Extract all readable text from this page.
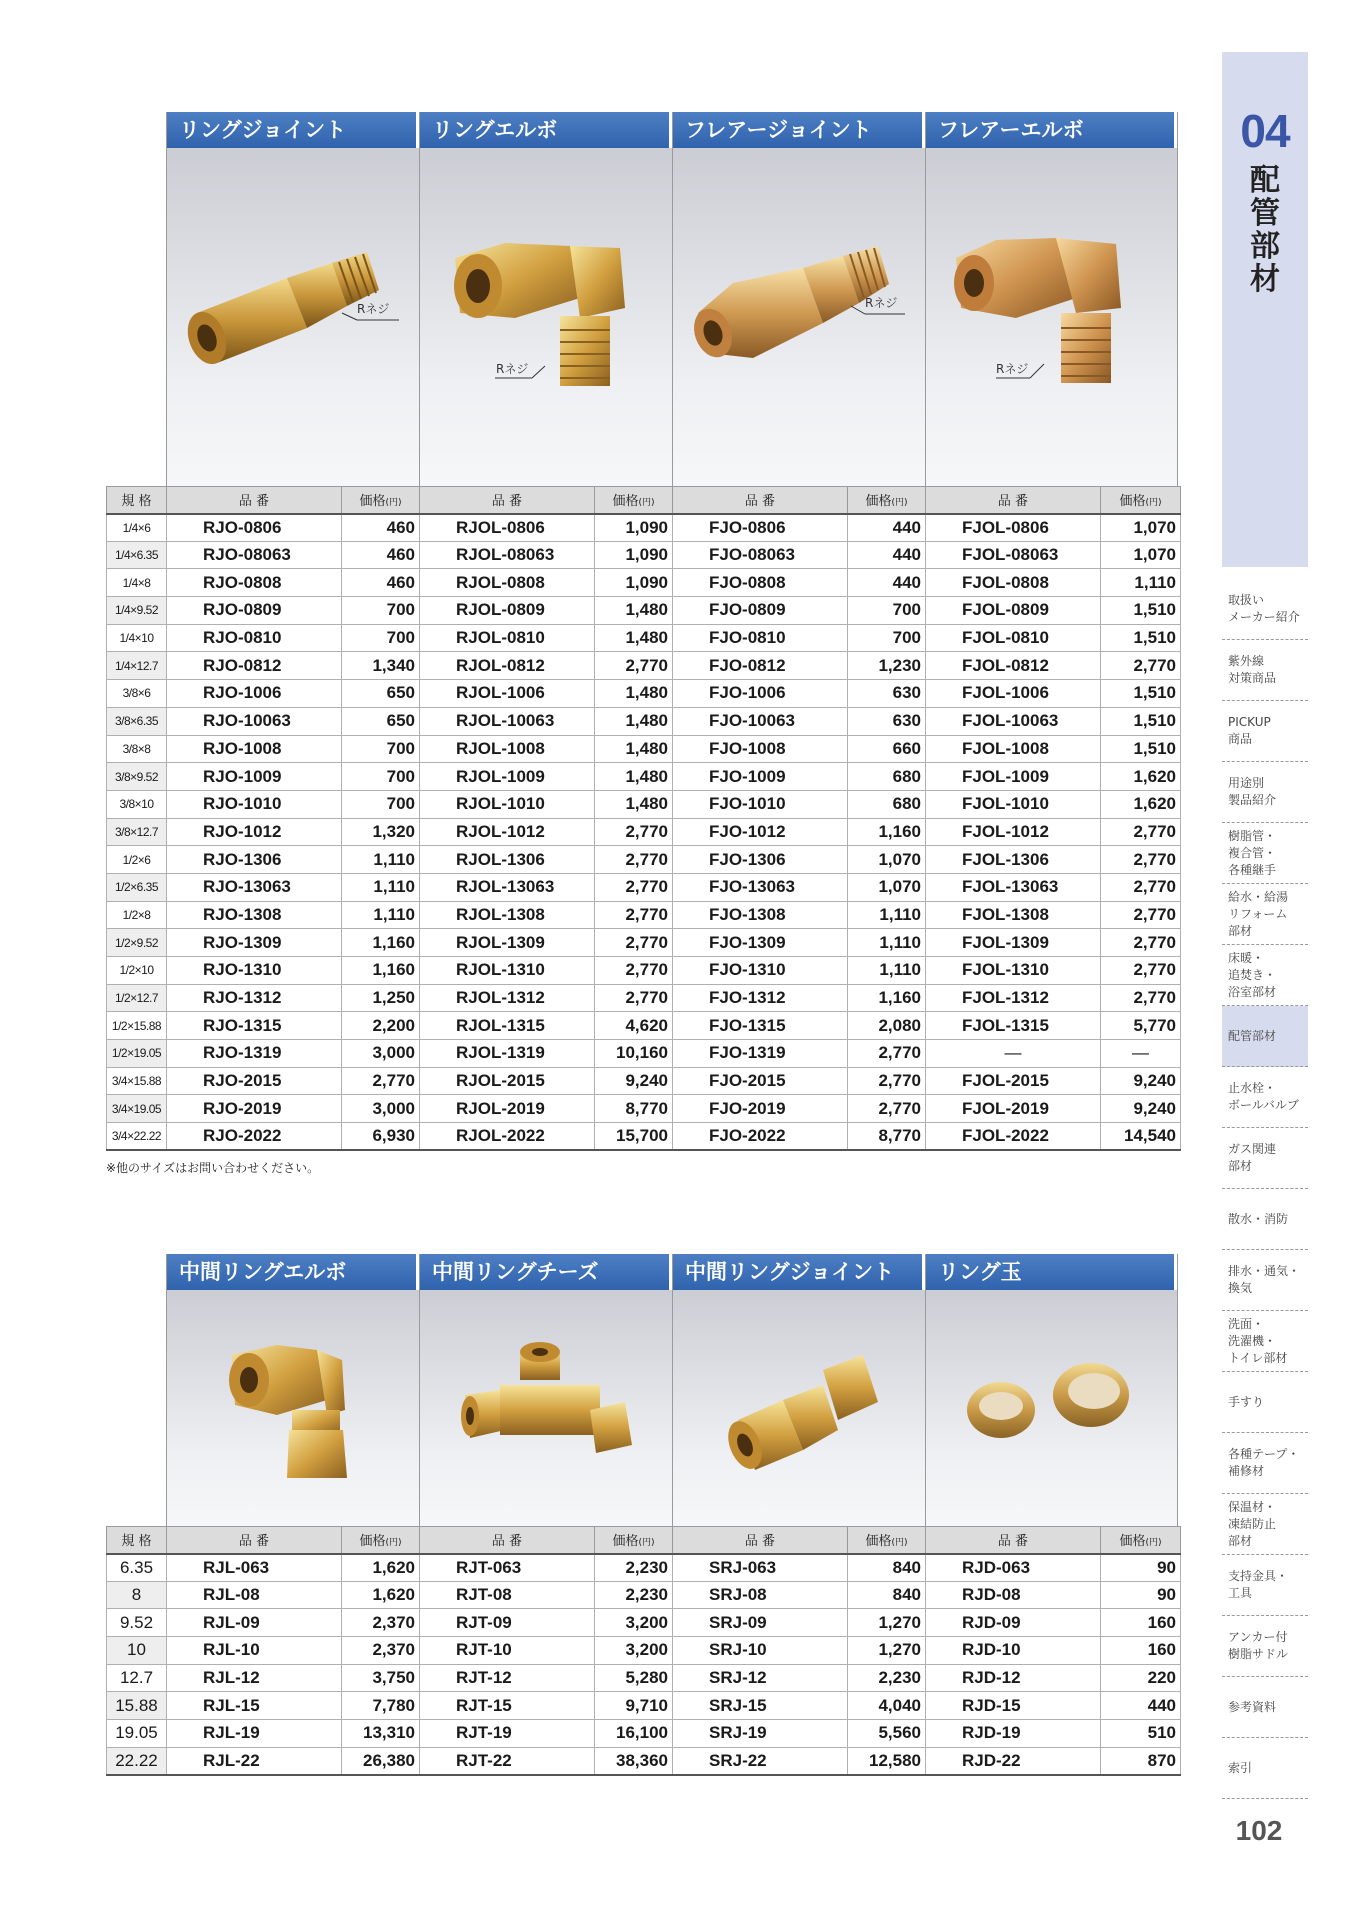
リングジョイント
Rネジ
リングエルボ
Rネジ
フレアージョイント
Rネジ
フレアーエルボ
Rネジ
規 格	品 番	価格(円)	品 番	価格(円)	品 番	価格(円)	品 番	価格(円)
1/4×6	RJO-0806	460	RJOL-0806	1,090	FJO-0806	440	FJOL-0806	1,070
1/4×6.35	RJO-08063	460	RJOL-08063	1,090	FJO-08063	440	FJOL-08063	1,070
1/4×8	RJO-0808	460	RJOL-0808	1,090	FJO-0808	440	FJOL-0808	1,110
1/4×9.52	RJO-0809	700	RJOL-0809	1,480	FJO-0809	700	FJOL-0809	1,510
1/4×10	RJO-0810	700	RJOL-0810	1,480	FJO-0810	700	FJOL-0810	1,510
1/4×12.7	RJO-0812	1,340	RJOL-0812	2,770	FJO-0812	1,230	FJOL-0812	2,770
3/8×6	RJO-1006	650	RJOL-1006	1,480	FJO-1006	630	FJOL-1006	1,510
3/8×6.35	RJO-10063	650	RJOL-10063	1,480	FJO-10063	630	FJOL-10063	1,510
3/8×8	RJO-1008	700	RJOL-1008	1,480	FJO-1008	660	FJOL-1008	1,510
3/8×9.52	RJO-1009	700	RJOL-1009	1,480	FJO-1009	680	FJOL-1009	1,620
3/8×10	RJO-1010	700	RJOL-1010	1,480	FJO-1010	680	FJOL-1010	1,620
3/8×12.7	RJO-1012	1,320	RJOL-1012	2,770	FJO-1012	1,160	FJOL-1012	2,770
1/2×6	RJO-1306	1,110	RJOL-1306	2,770	FJO-1306	1,070	FJOL-1306	2,770
1/2×6.35	RJO-13063	1,110	RJOL-13063	2,770	FJO-13063	1,070	FJOL-13063	2,770
1/2×8	RJO-1308	1,110	RJOL-1308	2,770	FJO-1308	1,110	FJOL-1308	2,770
1/2×9.52	RJO-1309	1,160	RJOL-1309	2,770	FJO-1309	1,110	FJOL-1309	2,770
1/2×10	RJO-1310	1,160	RJOL-1310	2,770	FJO-1310	1,110	FJOL-1310	2,770
1/2×12.7	RJO-1312	1,250	RJOL-1312	2,770	FJO-1312	1,160	FJOL-1312	2,770
1/2×15.88	RJO-1315	2,200	RJOL-1315	4,620	FJO-1315	2,080	FJOL-1315	5,770
1/2×19.05	RJO-1319	3,000	RJOL-1319	10,160	FJO-1319	2,770	—	—
3/4×15.88	RJO-2015	2,770	RJOL-2015	9,240	FJO-2015	2,770	FJOL-2015	9,240
3/4×19.05	RJO-2019	3,000	RJOL-2019	8,770	FJO-2019	2,770	FJOL-2019	9,240
3/4×22.22	RJO-2022	6,930	RJOL-2022	15,700	FJO-2022	8,770	FJOL-2022	14,540
※他のサイズはお問い合わせください。
中間リングエルボ	中間リングチーズ	中間リングジョイント	リング玉
規 格	品 番	価格(円)	品 番	価格(円)	品 番	価格(円)	品 番	価格(円)
6.35	RJL-063	1,620	RJT-063	2,230	SRJ-063	840	RJD-063	90
8	RJL-08	1,620	RJT-08	2,230	SRJ-08	840	RJD-08	90
9.52	RJL-09	2,370	RJT-09	3,200	SRJ-09	1,270	RJD-09	160
10	RJL-10	2,370	RJT-10	3,200	SRJ-10	1,270	RJD-10	160
12.7	RJL-12	3,750	RJT-12	5,280	SRJ-12	2,230	RJD-12	220
15.88	RJL-15	7,780	RJT-15	9,710	SRJ-15	4,040	RJD-15	440
19.05	RJL-19	13,310	RJT-19	16,100	SRJ-19	5,560	RJD-19	510
22.22	RJL-22	26,380	RJT-22	38,360	SRJ-22	12,580	RJD-22	870
04
配
管
部
材
取扱い
メーカー紹介
紫外線
対策商品
PICKUP
商品
用途別
製品紹介
樹脂管・
複合管・
各種継手
給水・給湯
リフォーム
部材
床暖・
追焚き・
浴室部材
配管部材
止水栓・
ボールバルブ
ガス関連
部材
散水・消防
排水・通気・
換気
洗面・
洗濯機・
トイレ部材
手すり
各種テープ・
補修材
保温材・
凍結防止
部材
支持金具・
工具
アンカー付
樹脂サドル
参考資料
索引
102
